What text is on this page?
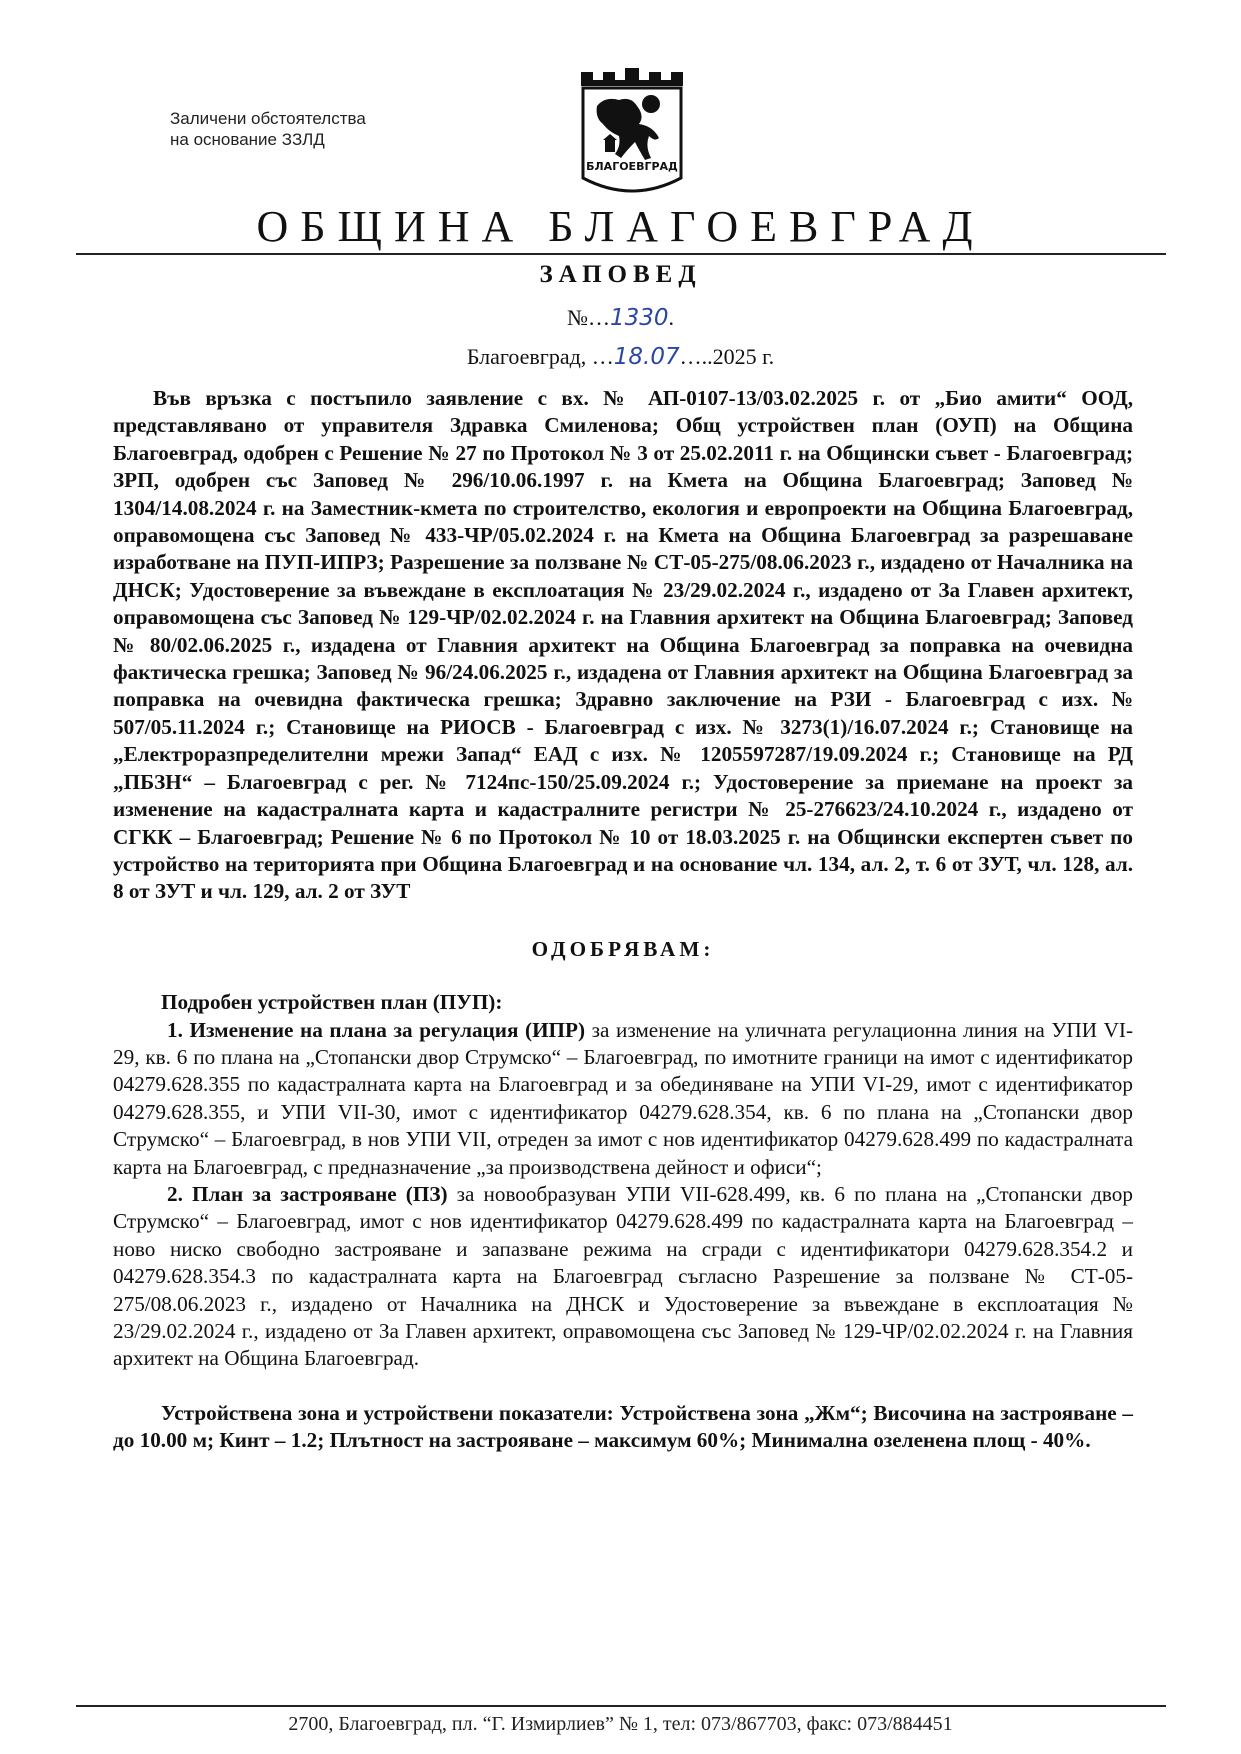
Заличени обстоятелства
на основание ЗЗЛД
БЛАГОЕВГРАД
ОБЩИНА БЛАГОЕВГРАД
ЗАПОВЕД
№…1330.
Благоевград, …18.07…..2025 г.

Във връзка с постъпило заявление с вх. № АП-0107-13/03.02.2025 г. от „Био амити“ ООД, представлявано от управителя Здравка Смиленова; Общ устройствен план (ОУП) на Община Благоевград, одобрен с Решение № 27 по Протокол № 3 от 25.02.2011 г. на Общински съвет - Благоевград; ЗРП, одобрен със Заповед № 296/10.06.1997 г. на Кмета на Община Благоевград; Заповед № 1304/14.08.2024 г. на Заместник-кмета по строителство, екология и европроекти на Община Благоевград, оправомощена със Заповед № 433-ЧР/05.02.2024 г. на Кмета на Община Благоевград за разрешаване изработване на ПУП-ИПРЗ; Разрешение за ползване № СТ-05-275/08.06.2023 г., издадено от Началника на ДНСК; Удостоверение за въвеждане в експлоатация № 23/29.02.2024 г., издадено от За Главен архитект, оправомощена със Заповед № 129-ЧР/02.02.2024 г. на Главния архитект на Община Благоевград; Заповед № 80/02.06.2025 г., издадена от Главния архитект на Община Благоевград за поправка на очевидна фактическа грешка; Заповед № 96/24.06.2025 г., издадена от Главния архитект на Община Благоевград за поправка на очевидна фактическа грешка; Здравно заключение на РЗИ - Благоевград с изх. № 507/05.11.2024 г.; Становище на РИОСВ - Благоевград с изх. № 3273(1)/16.07.2024 г.; Становище на „Електроразпределителни мрежи Запад“ ЕАД с изх. № 1205597287/19.09.2024 г.; Становище на РД „ПБЗН“ – Благоевград с рег. № 7124пс-150/25.09.2024 г.; Удостоверение за приемане на проект за изменение на кадастралната карта и кадастралните регистри № 25-276623/24.10.2024 г., издадено от СГКК – Благоевград; Решение № 6 по Протокол № 10 от 18.03.2025 г. на Общински експертен съвет по устройство на територията при Община Благоевград и на основание чл. 134, ал. 2, т. 6 от ЗУТ, чл. 128, ал. 8 от ЗУТ и чл. 129, ал. 2 от ЗУТ

ОДОБРЯВАМ:

Подробен устройствен план (ПУП):

1. Изменение на плана за регулация (ИПР) за изменение на уличната регулационна линия на УПИ VI-29, кв. 6 по плана на „Стопански двор Струмско“ – Благоевград, по имотните граници на имот с идентификатор 04279.628.355 по кадастралната карта на Благоевград и за обединяване на УПИ VI-29, имот с идентификатор 04279.628.355, и УПИ VII-30, имот с идентификатор 04279.628.354, кв. 6 по плана на „Стопански двор Струмско“ – Благоевград, в нов УПИ VII, отреден за имот с нов идентификатор 04279.628.499 по кадастралната карта на Благоевград, с предназначение „за производствена дейност и офиси“;

2. План за застрояване (ПЗ) за новообразуван УПИ VII-628.499, кв. 6 по плана на „Стопански двор Струмско“ – Благоевград, имот с нов идентификатор 04279.628.499 по кадастралната карта на Благоевград – ново ниско свободно застрояване и запазване режима на сгради с идентификатори 04279.628.354.2 и 04279.628.354.3 по кадастралната карта на Благоевград съгласно Разрешение за ползване № СТ-05-275/08.06.2023 г., издадено от Началника на ДНСК и Удостоверение за въвеждане в експлоатация № 23/29.02.2024 г., издадено от За Главен архитект, оправомощена със Заповед № 129-ЧР/02.02.2024 г. на Главния архитект на Община Благоевград.

Устройствена зона и устройствени показатели: Устройствена зона „Жм“; Височина на застрояване – до 10.00 м; Кинт – 1.2; Плътност на застрояване – максимум 60%; Минимална озеленена площ - 40%.

2700, Благоевград, пл. “Г. Измирлиев” № 1, тел: 073/867703, факс: 073/884451
